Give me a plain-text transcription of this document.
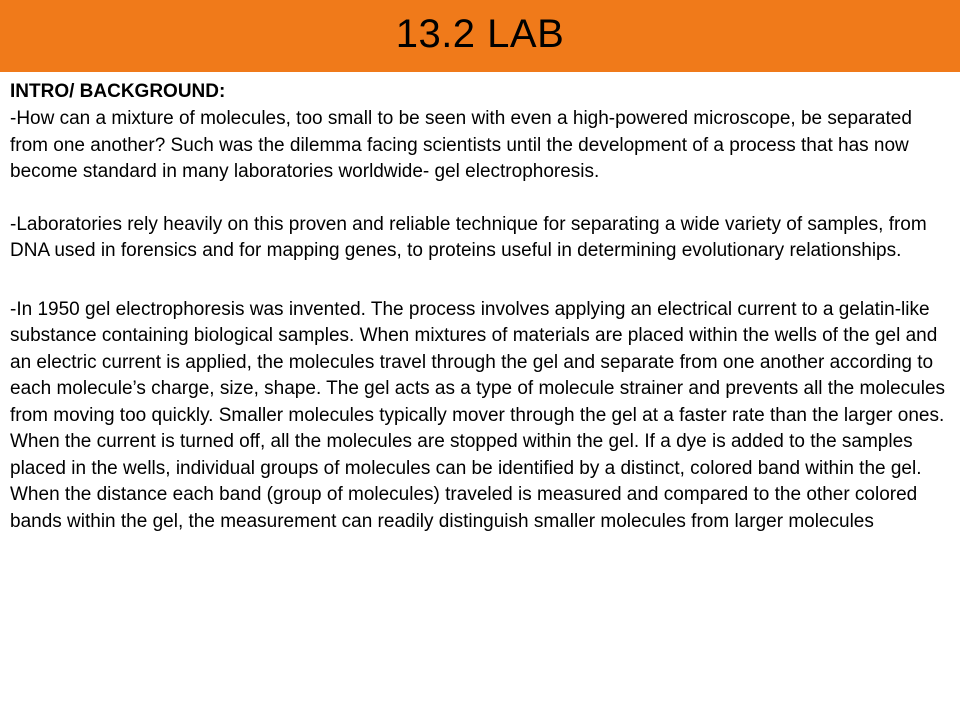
13.2 LAB

INTRO/ BACKGROUND:

-How can a mixture of molecules, too small to be seen with even a high-powered microscope, be separated from one another? Such was the dilemma facing scientists until the development of a process that has now become standard in many laboratories worldwide- gel electrophoresis.

-Laboratories rely heavily on this proven and reliable technique for separating a wide variety of samples, from DNA used in forensics and for mapping genes, to proteins useful in determining evolutionary relationships.

-In 1950 gel electrophoresis was invented. The process involves applying an electrical current to a gelatin-like substance containing biological samples. When mixtures of materials are placed within the wells of the gel and an electric current is applied, the molecules travel through the gel and separate from one another according to each molecule’s charge, size, shape. The gel acts as a type of molecule strainer and prevents all the molecules from moving too quickly. Smaller molecules typically mover through the gel at a faster rate than the larger ones. When the current is turned off, all the molecules are stopped within the gel. If a dye is added to the samples placed in the wells, individual groups of molecules can be identified by a distinct, colored band within the gel. When the distance each band (group of molecules) traveled is measured and compared to the other colored bands within the gel, the measurement can readily distinguish smaller molecules from larger molecules
